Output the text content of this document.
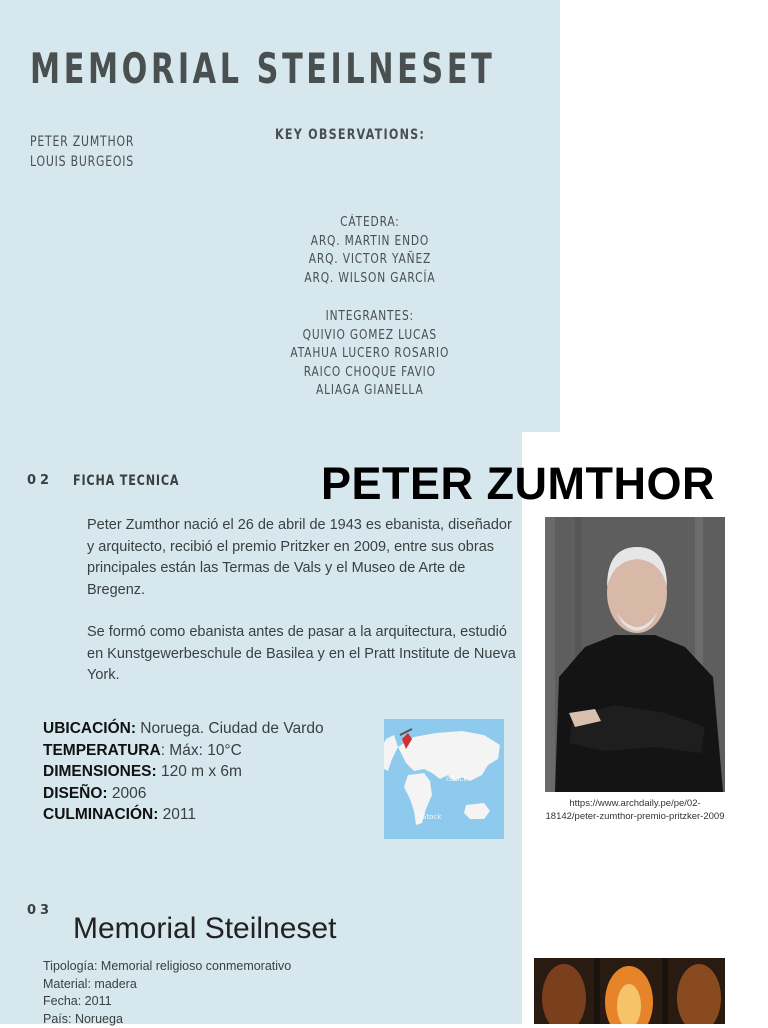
MEMORIAL STEILNESET
PETER ZUMTHOR
LOUIS BURGEOIS
KEY OBSERVATIONS:
CÁTEDRA:
ARQ. MARTIN ENDO
ARQ. VICTOR YAÑEZ
ARQ. WILSON GARCÍA
INTEGRANTES:
QUIVIO GOMEZ LUCAS
ATAHUA LUCERO ROSARIO
RAICO CHOQUE FAVIO
ALIAGA GIANELLA
02 FICHA TECNICA	PETER ZUMTHOR

Peter Zumthor nació el 26 de abril de 1943 es ebanista, diseñador y arquitecto, recibió el premio Pritzker en 2009, entre sus obras principales están las Termas de Vals y el Museo de Arte de Bregenz.

Se formó como ebanista antes de pasar a la arquitectura, estudió en Kunstgewerbeschule de Basilea y en el Pratt Institute de Nueva York.

UBICACIÓN: Noruega. Ciudad de Vardo
TEMPERATURA: Máx: 10°C
DIMENSIONES: 120 m x 6m
DISEÑO: 2006
CULMINACIÓN: 2011
iStock
iStock
https://www.archdaily.pe/pe/02-18142/peter-zumthor-premio-pritzker-2009
03
Memorial Steilneset
Tipología: Memorial religioso conmemorativo
Material: madera
Fecha: 2011
País: Noruega
